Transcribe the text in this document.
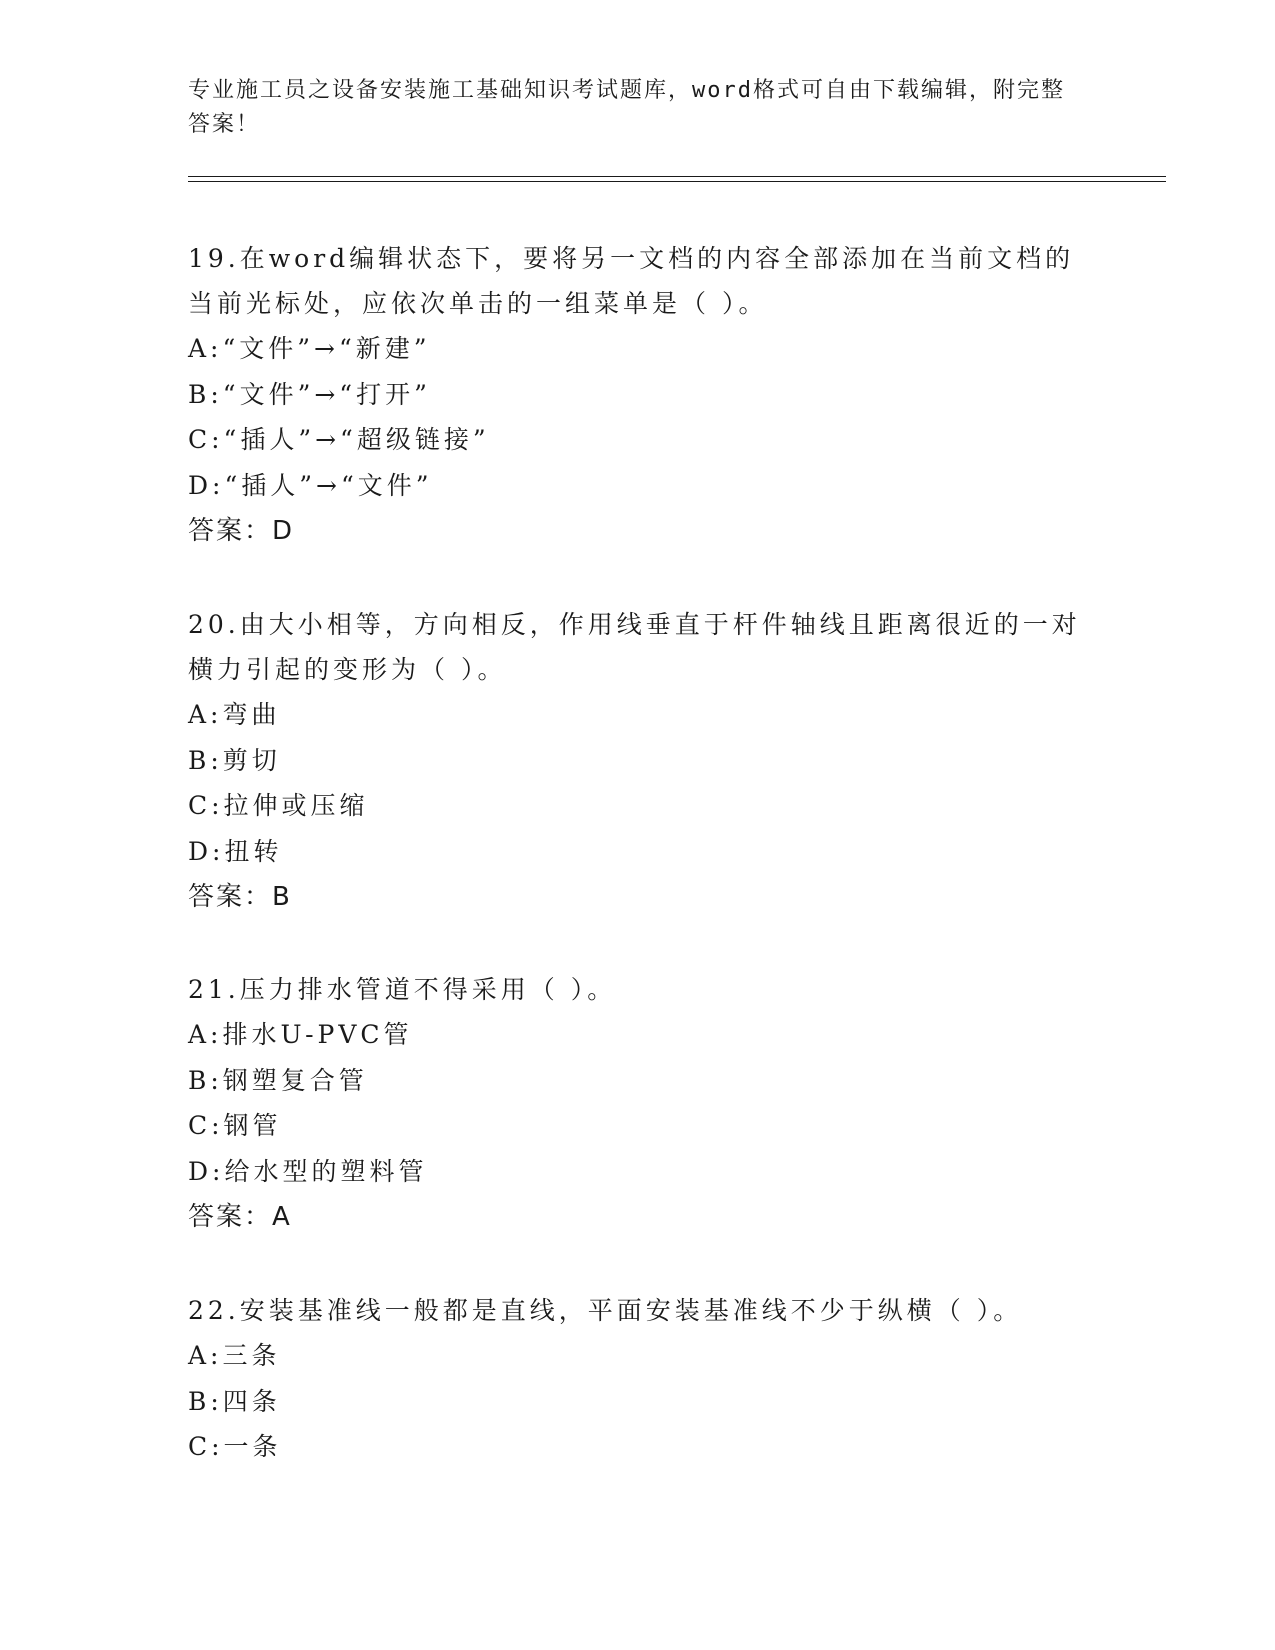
专业施工员之设备安装施工基础知识考试题库，word格式可自由下载编辑，附完整答案！

19.在word编辑状态下，要将另一文档的内容全部添加在当前文档的当前光标处，应依次单击的一组菜单是（ ）。

A:“文件”→“新建”

B:“文件”→“打开”

C:“插人”→“超级链接”

D:“插人”→“文件”

答案：D

20.由大小相等，方向相反，作用线垂直于杆件轴线且距离很近的一对横力引起的变形为（ ）。

A:弯曲

B:剪切

C:拉伸或压缩

D:扭转

答案：B

21.压力排水管道不得采用（ ）。

A:排水U-PVC管

B:钢塑复合管

C:钢管

D:给水型的塑料管

答案：A

22.安装基准线一般都是直线，平面安装基准线不少于纵横（ ）。

A:三条

B:四条

C:一条
